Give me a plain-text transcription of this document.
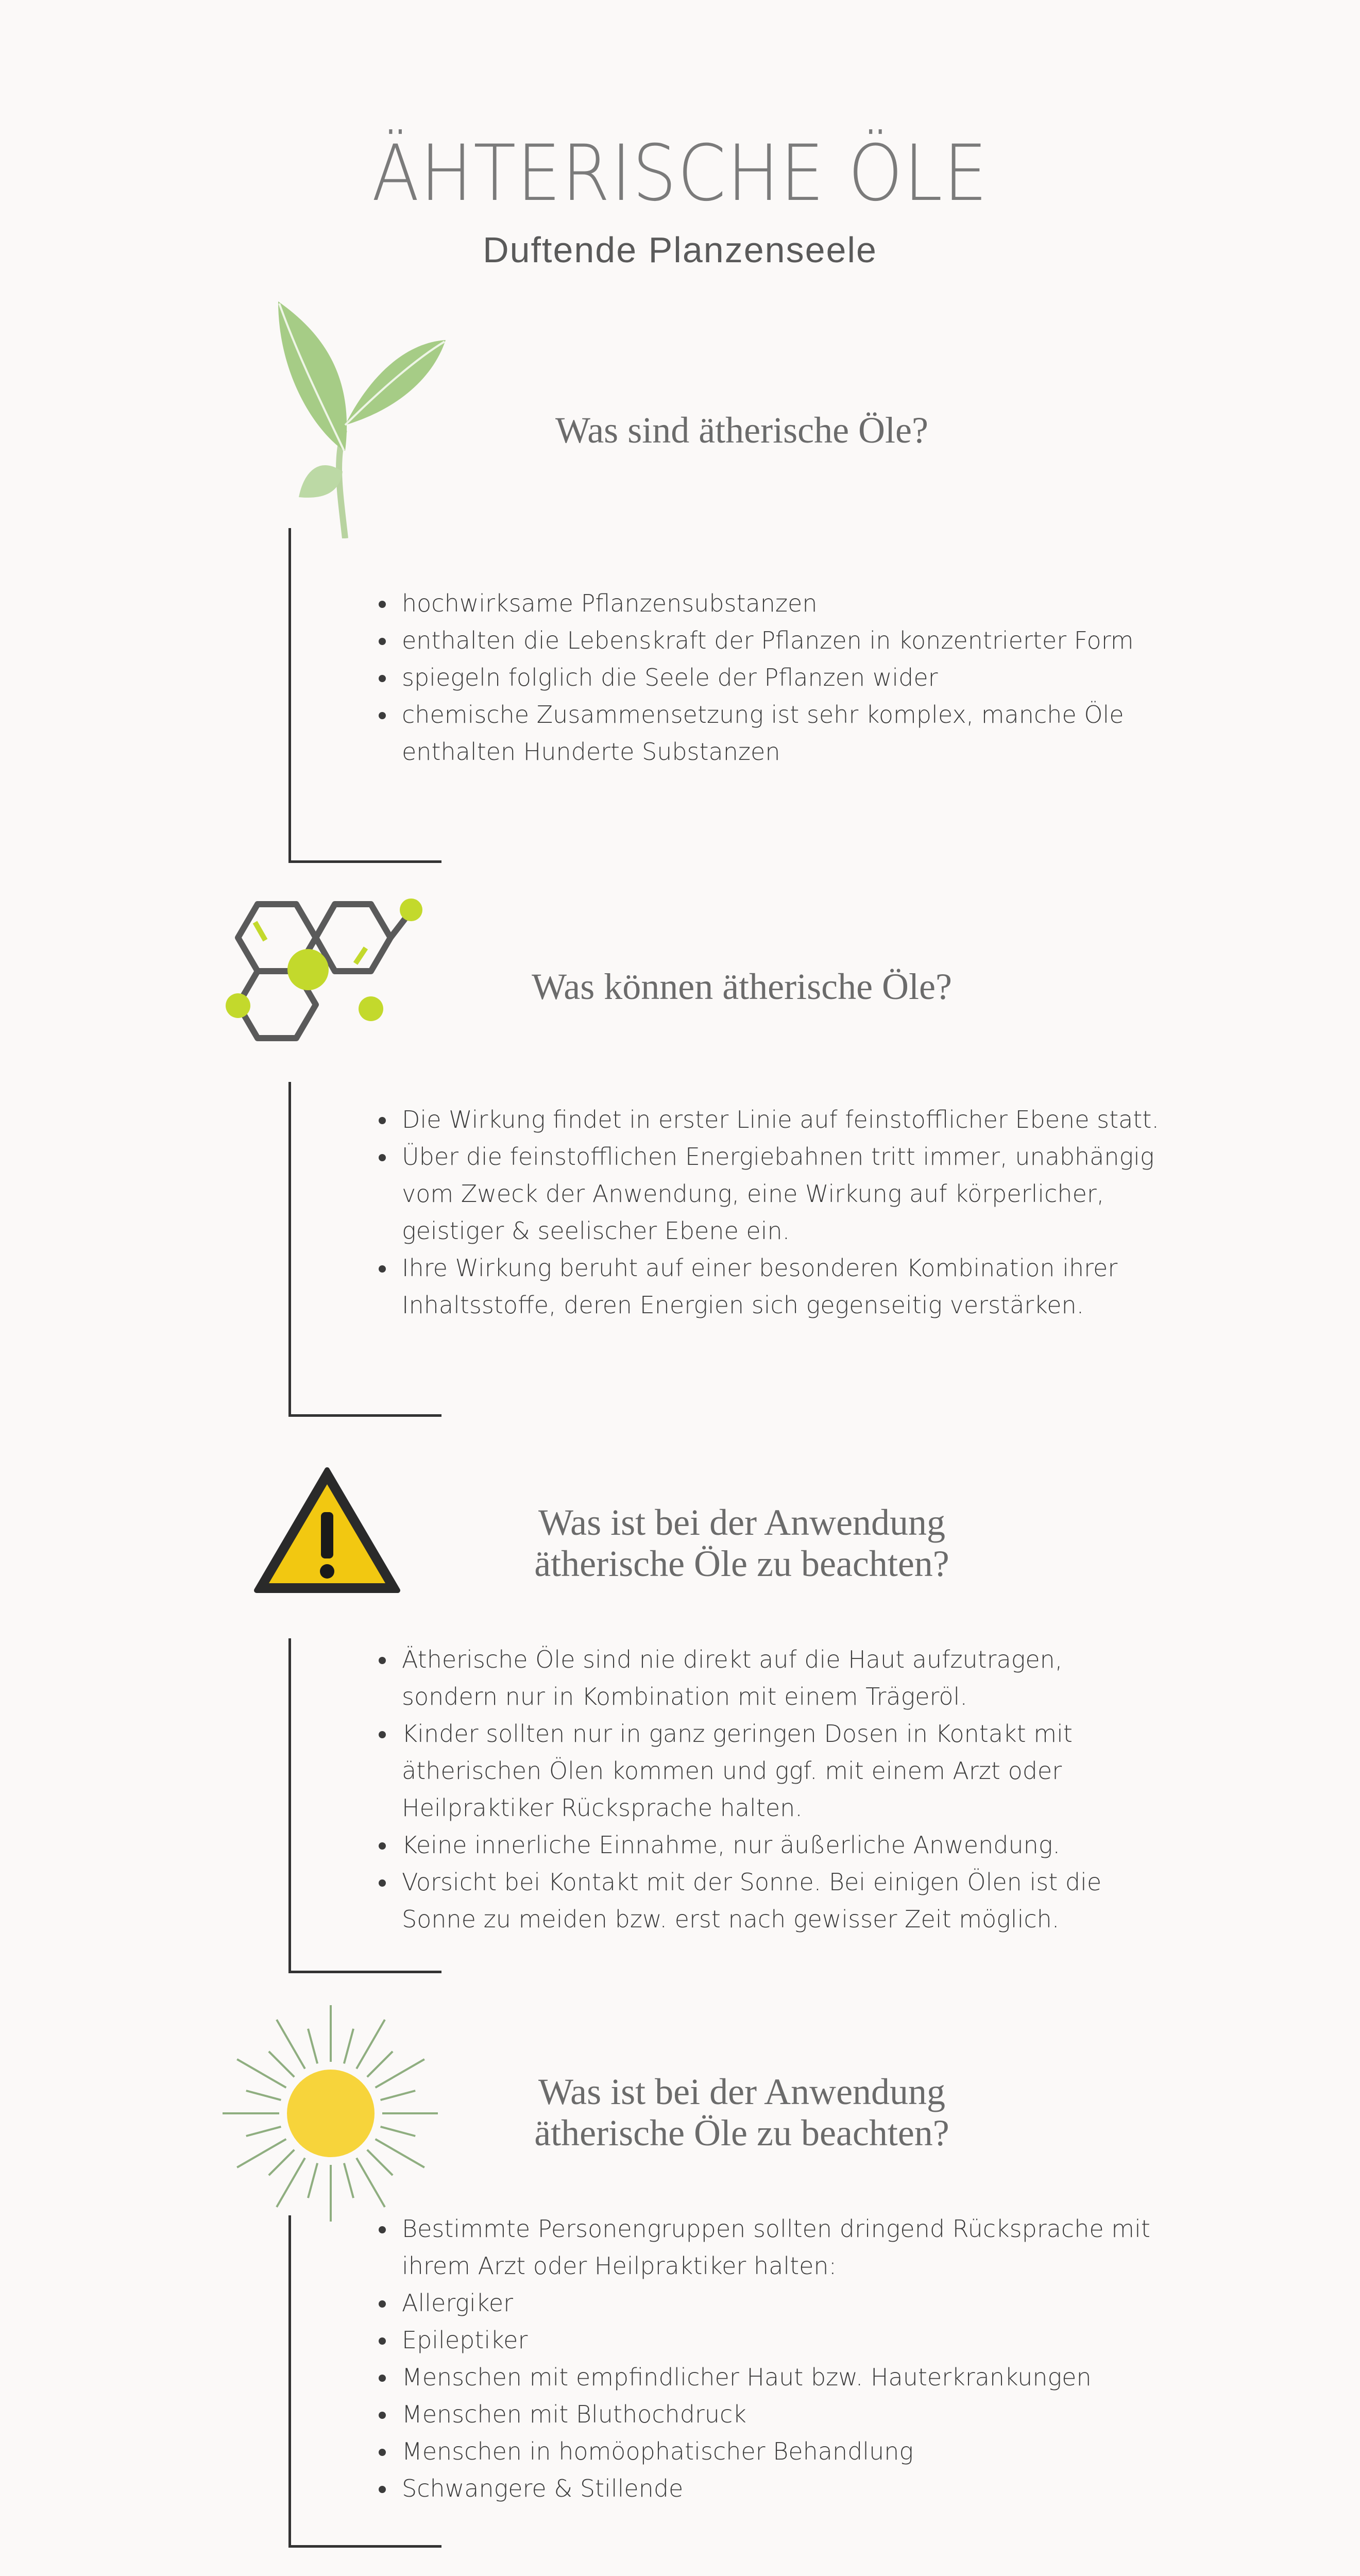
ÄHTERISCHE ÖLE
Duftende Planzenseele
Was sind ätherische Öle?
• hochwirksame Pflanzensubstanzen
• enthalten die Lebenskraft der Pflanzen in konzentrierter Form
• spiegeln folglich die Seele der Pflanzen wider
• chemische Zusammensetzung ist sehr komplex, manche Öle enthalten Hunderte Substanzen
Was können ätherische Öle?
• Die Wirkung findet in erster Linie auf feinstofflicher Ebene statt.
• Über die feinstofflichen Energiebahnen tritt immer, unabhängig vom Zweck der Anwendung, eine Wirkung auf körperlicher, geistiger & seelischer Ebene ein.
• Ihre Wirkung beruht auf einer besonderen Kombination ihrer Inhaltsstoffe, deren Energien sich gegenseitig verstärken.
Was ist bei der Anwendung
ätherische Öle zu beachten?
• Ätherische Öle sind nie direkt auf die Haut aufzutragen, sondern nur in Kombination mit einem Trägeröl.
• Kinder sollten nur in ganz geringen Dosen in Kontakt mit ätherischen Ölen kommen und ggf. mit einem Arzt oder Heilpraktiker Rücksprache halten.
• Keine innerliche Einnahme, nur äußerliche Anwendung.
• Vorsicht bei Kontakt mit der Sonne. Bei einigen Ölen ist die Sonne zu meiden bzw. erst nach gewisser Zeit möglich.
Was ist bei der Anwendung
ätherische Öle zu beachten?
• Bestimmte Personengruppen sollten dringend Rücksprache mit ihrem Arzt oder Heilpraktiker halten:
• Allergiker
• Epileptiker
• Menschen mit empfindlicher Haut bzw. Hauterkrankungen
• Menschen mit Bluthochdruck
• Menschen in homöophatischer Behandlung
• Schwangere & Stillende
